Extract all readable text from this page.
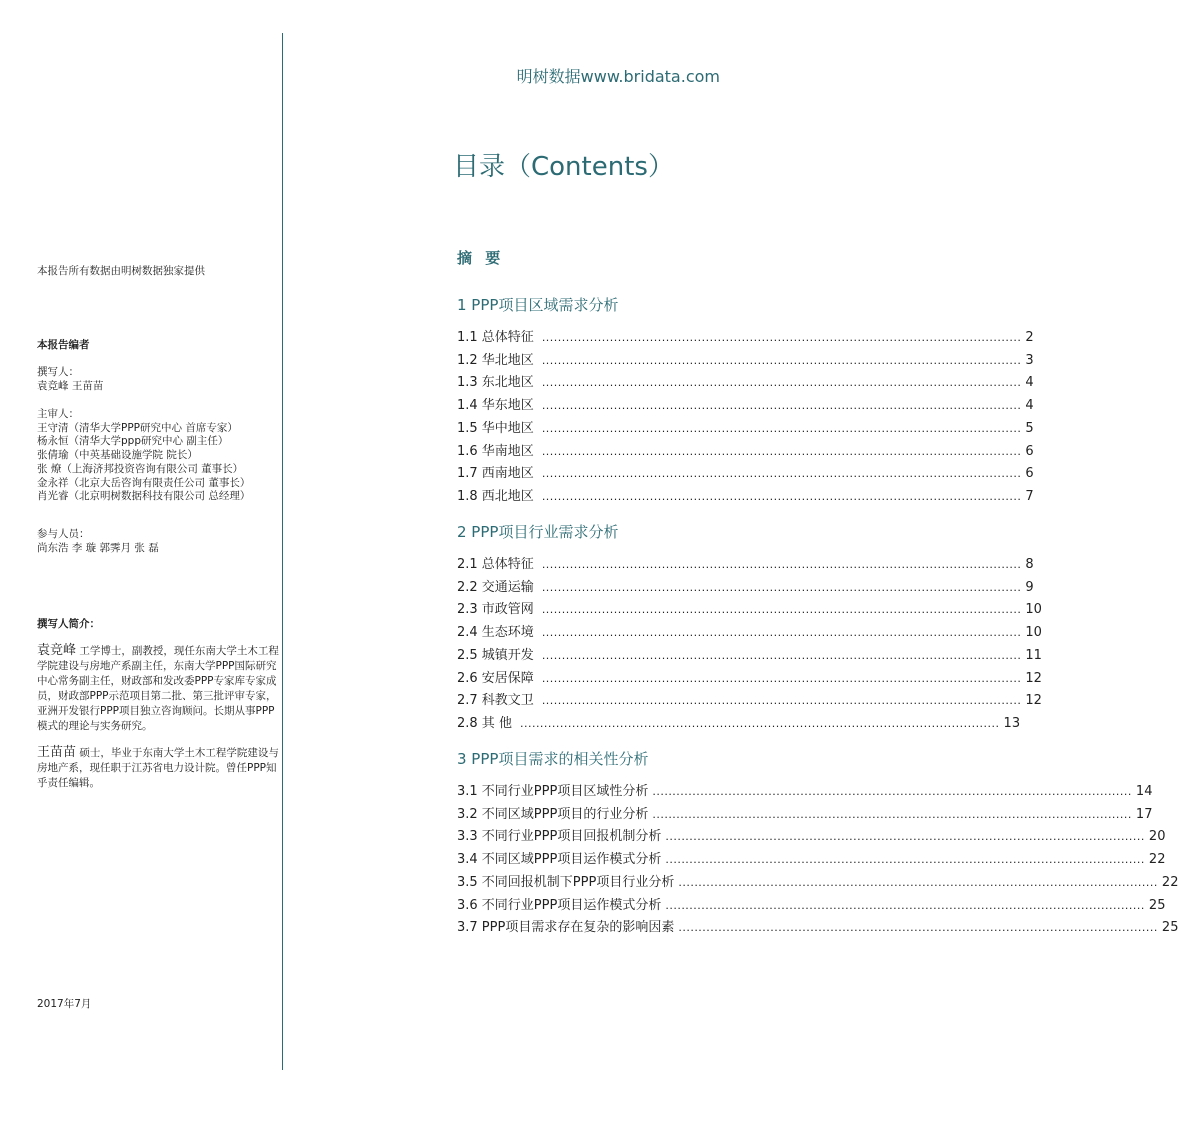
本报告所有数据由明树数据独家提供
本报告编者
撰写人：
袁竞峰 王苗苗
主审人：
王守清（清华大学PPP研究中心 首席专家）
杨永恒（清华大学ppp研究中心 副主任）
张倩瑜（中英基础设施学院 院长）
张 燎（上海济邦投资咨询有限公司 董事长）
金永祥（北京大岳咨询有限责任公司 董事长）
肖光睿（北京明树数据科技有限公司 总经理）
参与人员：
尚东浩 李 璇 郭霁月 张 磊
撰写人简介：
袁竞峰 工学博士，副教授，现任东南大学土木工程学院建设与房地产系副主任，东南大学PPP国际研究中心常务副主任，财政部和发改委PPP专家库专家成员，财政部PPP示范项目第二批、第三批评审专家，亚洲开发银行PPP项目独立咨询顾问。长期从事PPP模式的理论与实务研究。
王苗苗 硕士，毕业于东南大学土木工程学院建设与房地产系，现任职于江苏省电力设计院。曾任PPP知乎责任编辑。
2017年7月
明树数据www.bridata.com
目录（Contents）
摘 要
1 PPP项目区域需求分析
1.1 总体特征 ........................................................................................................................ 2
1.2 华北地区 ........................................................................................................................ 3
1.3 东北地区 ........................................................................................................................ 4
1.4 华东地区 ........................................................................................................................ 4
1.5 华中地区 ........................................................................................................................ 5
1.6 华南地区 ........................................................................................................................ 6
1.7 西南地区 ........................................................................................................................ 6
1.8 西北地区 ........................................................................................................................ 7
2 PPP项目行业需求分析
2.1 总体特征 ........................................................................................................................ 8
2.2 交通运输 ........................................................................................................................ 9
2.3 市政管网 ........................................................................................................................ 10
2.4 生态环境 ........................................................................................................................ 10
2.5 城镇开发 ........................................................................................................................ 11
2.6 安居保障 ........................................................................................................................ 12
2.7 科教文卫 ........................................................................................................................ 12
2.8 其 他 ........................................................................................................................ 13
3 PPP项目需求的相关性分析
3.1 不同行业PPP项目区域性分析 ........................................................................................................................ 14
3.2 不同区域PPP项目的行业分析 ........................................................................................................................ 17
3.3 不同行业PPP项目回报机制分析 ........................................................................................................................ 20
3.4 不同区域PPP项目运作模式分析 ........................................................................................................................ 22
3.5 不同回报机制下PPP项目行业分析 ........................................................................................................................ 22
3.6 不同行业PPP项目运作模式分析 ........................................................................................................................ 25
3.7 PPP项目需求存在复杂的影响因素 ........................................................................................................................ 25
